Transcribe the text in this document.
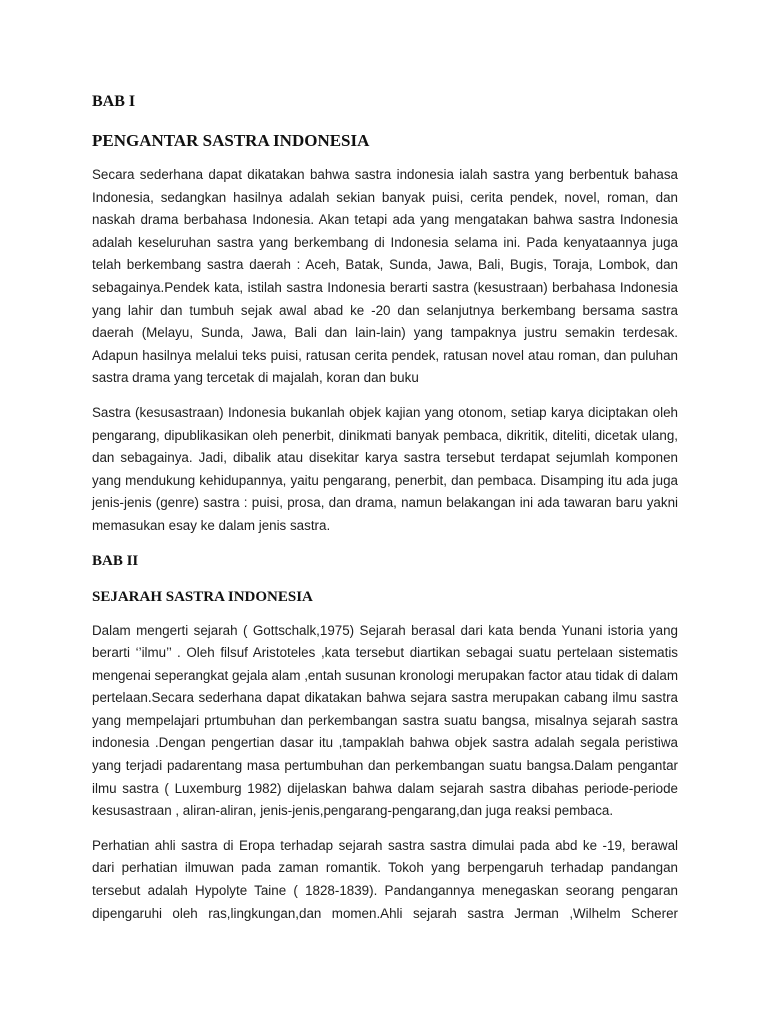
BAB I
PENGANTAR SASTRA INDONESIA

Secara sederhana dapat dikatakan bahwa sastra indonesia ialah sastra yang berbentuk bahasa Indonesia, sedangkan hasilnya adalah sekian banyak puisi, cerita pendek, novel, roman, dan naskah drama berbahasa Indonesia. Akan tetapi ada yang mengatakan bahwa sastra Indonesia adalah keseluruhan sastra yang berkembang di Indonesia selama ini. Pada kenyataannya juga telah berkembang sastra daerah : Aceh, Batak, Sunda, Jawa, Bali, Bugis, Toraja, Lombok, dan sebagainya.Pendek kata, istilah sastra Indonesia berarti sastra (kesustraan) berbahasa Indonesia yang lahir dan tumbuh sejak awal abad ke -20 dan selanjutnya berkembang bersama sastra daerah (Melayu, Sunda, Jawa, Bali dan lain-lain) yang tampaknya justru semakin terdesak. Adapun hasilnya melalui teks puisi, ratusan cerita pendek, ratusan novel atau roman, dan puluhan sastra drama yang tercetak di majalah, koran dan buku

Sastra (kesusastraan) Indonesia bukanlah objek kajian yang otonom, setiap karya diciptakan oleh pengarang, dipublikasikan oleh penerbit, dinikmati banyak pembaca, dikritik, diteliti, dicetak ulang, dan sebagainya. Jadi, dibalik atau disekitar karya sastra tersebut terdapat sejumlah komponen yang mendukung kehidupannya, yaitu pengarang, penerbit, dan pembaca. Disamping itu ada juga jenis-jenis (genre) sastra : puisi, prosa, dan drama, namun belakangan ini ada tawaran baru yakni memasukan esay ke dalam jenis sastra.

BAB II
SEJARAH SASTRA INDONESIA

Dalam mengerti sejarah ( Gottschalk,1975) Sejarah berasal dari kata benda Yunani istoria yang berarti ‘’ilmu’’ . Oleh filsuf Aristoteles ,kata tersebut diartikan sebagai suatu pertelaan sistematis mengenai seperangkat gejala alam ,entah susunan kronologi merupakan factor atau tidak di dalam pertelaan.Secara sederhana dapat dikatakan bahwa sejara sastra merupakan cabang ilmu sastra yang mempelajari prtumbuhan dan perkembangan sastra suatu bangsa, misalnya sejarah sastra indonesia .Dengan pengertian dasar itu ,tampaklah bahwa objek sastra adalah segala peristiwa yang terjadi padarentang masa pertumbuhan dan perkembangan suatu bangsa.Dalam pengantar ilmu sastra ( Luxemburg 1982) dijelaskan bahwa dalam sejarah sastra dibahas periode-periode kesusastraan , aliran-aliran, jenis-jenis,pengarang-pengarang,dan juga reaksi pembaca.

Perhatian ahli sastra di Eropa terhadap sejarah sastra sastra dimulai pada abd ke -19, berawal dari perhatian ilmuwan pada zaman romantik. Tokoh yang berpengaruh terhadap pandangan tersebut adalah Hypolyte Taine ( 1828-1839). Pandangannya menegaskan seorang pengaran dipengaruhi oleh ras,lingkungan,dan momen.Ahli sejarah sastra Jerman ,Wilhelm Scherer
